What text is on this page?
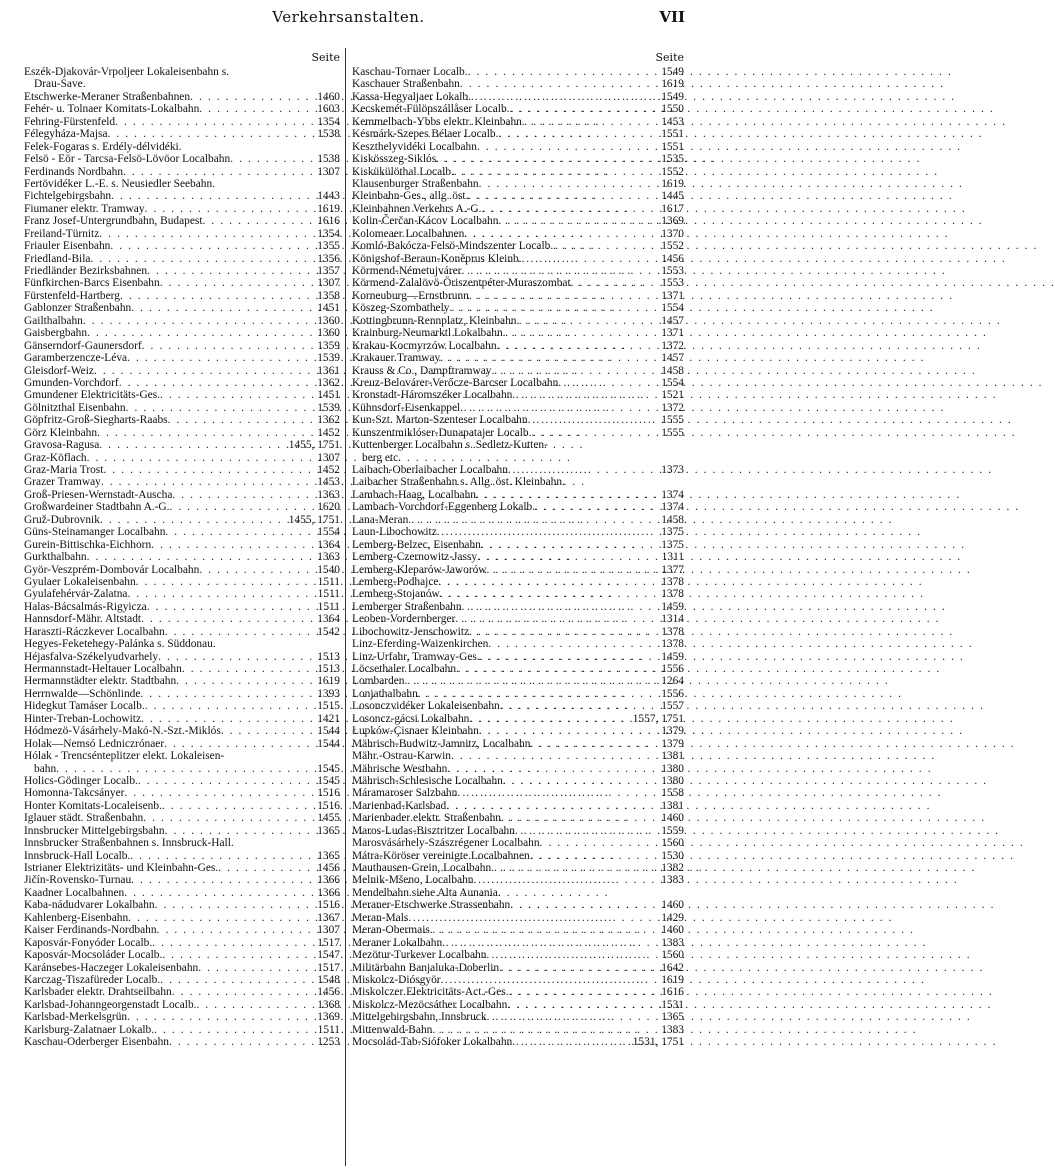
Verkehrsanstalten.	VII
Seite
Eszék-Djakovár-Vrpoljeer Lokaleisenbahn s.
Drau-Save.
Etschwerke-Meraner Straßenbahnen . . .	1460
Fehér- u. Tolnaer Komitats-Lokalbahn . . .	1603
Fehring-Fürstenfeld . . .	1354
Félegyháza-Majsa . . .	1538
Felek-Fogaras s. Erdély-délvidéki.
Felsö - Eör - Tarcsa-Felsö-Lövöor Localbahn . . .	1538
Ferdinands Nordbahn . . .	1307
Fertövidéker L.-E. s. Neusiedler Seebahn.
Fichtelgebirgsbahn . . .	1443
Fiumaner elektr. Tramway . . .	1619
Franz Josef-Untergrundbahn, Budapest . . .	1616
Freiland-Türnitz . . .	1354
Friauler Eisenbahn . . .	1355
Friedland-Bila . . .	1356
Friedländer Bezirksbahnen . . .	1357
Fünfkirchen-Barcs Eisenbahn . . .	1307
Fürstenfeld-Hartberg . . .	1358
Gablonzer Straßenbahn . . .	1451
Gailthalbahn . . .	1360
Gaisbergbahn . . .	1360
Gänserndorf-Gaunersdorf . . .	1359
Garamberzencze-Léva . . .	1539
Gleisdorf-Weiz . . .	1361
Gmunden-Vorchdorf . . .	1362
Gmundener Elektricitäts-Ges. . . .	1451
Gölnitzthal Eisenbahn . . .	1539
Göpfritz-Groß-Siegharts-Raabs . . .	1362
Görz Kleinbahn . . .	1452
Gravosa-Ragusa . . .	1455, 1751
Graz-Köflach . . .	1307
Graz-Maria Trost . . .	1452
Grazer Tramway . . .	1453
Groß-Priesen-Wernstadt-Auscha . . .	1363
Großwardeiner Stadtbahn A.-G. . . .	1620
Gruž-Dubrovnik . . .	1455, 1751
Güns-Steinamanger Localbahn . . .	1554
Gurein-Bittischka-Eichhorn . . .	1364
Gurkthalbahn . . .	1363
Györ-Veszprém-Dombovár Localbahn . . .	1540
Gyulaer Lokaleisenbahn . . .	1511
Gyulafehérvár-Zalatna . . .	1511
Halas-Bácsalmás-Rigyicza . . .	1511
Hannsdorf-Mähr. Altstadt . . .	1364
Haraszti-Ráczkever Localbahn . . .	1542
Hegyes-Feketehegy-Palánka s. Süddonau.
Héjasfalva-Székelyudvarhely . . .	1513
Hermannstadt-Heltauer Localbahn . . .	1513
Hermannstädter elektr. Stadtbahn . . .	1619
Herrnwalde—Schönlinde . . .	1393
Hidegkut Tamáser Localb. . . .	1515
Hinter-Treban-Lochowitz . . .	1421
Hódmezö-Vásárhely-Makó-N.-Szt.-Miklós . . .	1544
Holak—Nemsó Ledniczrónaer . . .	1544
Hólak - Trencsénteplitzer elekt. Lokaleisen-
bahn . . .	1545
Holics-Gödinger Localb. . . .	1545
Homonna-Takcsányer . . .	1516
Honter Komitats-Localeisenb. . . .	1516
Iglauer städt. Straßenbahn . . .	1455
Innsbrucker Mittelgebirgsbahn . . .	1365
Innsbrucker Straßenbahnen s. Innsbruck-Hall.
Innsbruck-Hall Localb. . . .	1365
Istrianer Elektrizitäts- und Kleinbahn-Ges. . . .	1456
Jičín-Rovensko-Turnau . . .	1366
Kaadner Localbahnen . . .	1366
Kaba-nádudvarer Lokalbahn . . .	1516
Kahlenberg-Eisenbahn . . .	1367
Kaiser Ferdinands-Nordbahn . . .	1307
Kaposvár-Fonyóder Localb. . . .	1517
Kaposvár-Mocsoláder Localb. . . .	1547
Karánsebes-Haczeger Lokaleisenbahn . . .	1517
Karczag-Tiszafüreder Localb. . . .	1548
Karlsbader elektr. Drahtseilbahn . . .	1456
Karlsbad-Johanngeorgenstadt Localb. . . .	1368
Karlsbad-Merkelsgrün . . .	1369
Karlsburg-Zalatnaer Lokalb. . . .	1511
Kaschau-Oderberger Eisenbahn . . .	1253
Seite
Kaschau-Tornaer Localb. . . .	1549
Kaschauer Straßenbahn . . .	1619
Kassa-Hegyaljaer Lokalb. . . .	1549
Kecskemét-Fülöpszállåser Localb. . . .	1550
Kemmelbach-Ybbs elektr. Kleinbahn . . .	1453
Késmárk-Szepes Bélaer Localb. . . .	1551
Keszthelyvidéki Localbahn . . .	1551
Kiskösszeg-Siklós . . .	1535
Kiskükülöthal Localb. . . .	1552
Klausenburger Straßenbahn . . .	1619
Kleinbahn-Ges., allg. öst. . . .	1445
Kleinbahnen Verkehrs A.-G. . . .	1617
Kolin-Čerčan-Kácov Localbahn . . .	1369
Kolomeaer Localbahnen . . .	1370
Komló-Bakócza-Felsö-Mindszenter Localb. . . .	1552
Königshof-Beraun-Konĕprus Kleinb. . . .	1456
Körmend-Németujvárer . . .	1553
Körmend-Zalalövö-Öriszentpéter-Muraszombat . . .	1553
Korneuburg—Ernstbrunn . . .	1371
Köszeg-Szombathely . . .	1554
Kottingbrunn-Rennplatz, Kleinbahn . . .	1457
Krainburg-Neumarktl Lokalbahn . . .	1371
Krakau-Kocmyrzów Localbahn . . .	1372
Krakauer Tramway . . .	1457
Krauss & Co., Dampftramway . . .	1458
Kreuz-Belovárer-Verőcze-Barcser Localbahn . . .	1554
Kronstadt-Háromszéker Localbahn . . .	1521
Kühnsdorf-Eisenkappel . . .	1372
Kun-Szt. Marton-Szenteser Localbahn . . .	1555
Kunszentmiklóser-Dunapatajer Localb. . . .	1555
Kuttenberger Localbahn s. Sedletz-Kutten-
berg etc.
Laibach-Oberlaibacher Localbahn . . .	1373
Laibacher Straßenbahn s. Allg. öst. Kleinbahn.
Lambach-Haag, Localbahn . . .	1374
Lambach-Vorchdorf-Eggenberg Lokalb. . . .	1374
Lana-Meran . . .	1458
Laun-Libochowitz . . .	1375
Lemberg-Belzec, Eisenbahn . . .	1375
Lemberg-Czernowitz-Jassy . . .	1311
Lemberg-Kleparów-Jaworów . . .	1377
Lemberg-Podhajce . . .	1378
Lemberg-Stojanów . . .	1378
Lemberger Straßenbahn . . .	1459
Leoben-Vordernberger . . .	1314
Libochowitz-Jenschowitz . . .	1378
Linz-Eferding-Waizenkirchen . . .	1378
Linz-Urfahr, Tramway-Ges. . . .	1459
Löcsethaler Localbahn . . .	1556
Lombarden . . .	1264
Lonjathalbahn . . .	1556
Losonczvidéker Lokaleisenbahn . . .	1557
Losoncz-gácsi Lokalbahn . . .	1557, 1751
Łupków-Çisnaer Kleinbahn . . .	1379
Mährisch-Budwitz-Jamnitz, Localbahn . . .	1379
Mähr.-Ostrau-Karwin . . .	1381
Mährische Westbahn . . .	1380
Mährisch-Schlesische Localbahn . . .	1380
Máramaroser Salzbahn . . .	1558
Marienbad-Karlsbad . . .	1381
Marienbader elektr. Straßenbahn . . .	1460
Maros-Ludas-Bisztritzer Localbahn . . .	1559
Marosvásárhely-Szászrégener Localbahn . . .	1560
Mátra-Köröser vereinigte Localbahnen . . .	1530
Mauthausen-Grein, Localbahn . . .	1382
Melnik-Mšeno, Localbahn . . .	1383
Mendelbahn siehe Alta Aunania.
Meraner-Etschwerke Strassenbahn . . .	1460
Meran-Mals . . .	1429
Meran-Obermais . . .	1460
Meraner Lokalbahn . . .	1383
Mezötur-Turkever Localbahn . . .	1560
Militärbahn Banjaluka-Doberlin . . .	1642
Miskolcz-Diósgyör . . .	1619
Miskolczer Elektricitäts-Act.-Ges. . . .	1616
Miskolcz-Mezöcsáther Localbahn . . .	1531
Mittelgebirgsbahn, Innsbruck . . .	1365
Mittenwald-Bahn . . .	1383
Mocsolád-Tab-Siófoker Lokalbahn . . .	1531, 1751
